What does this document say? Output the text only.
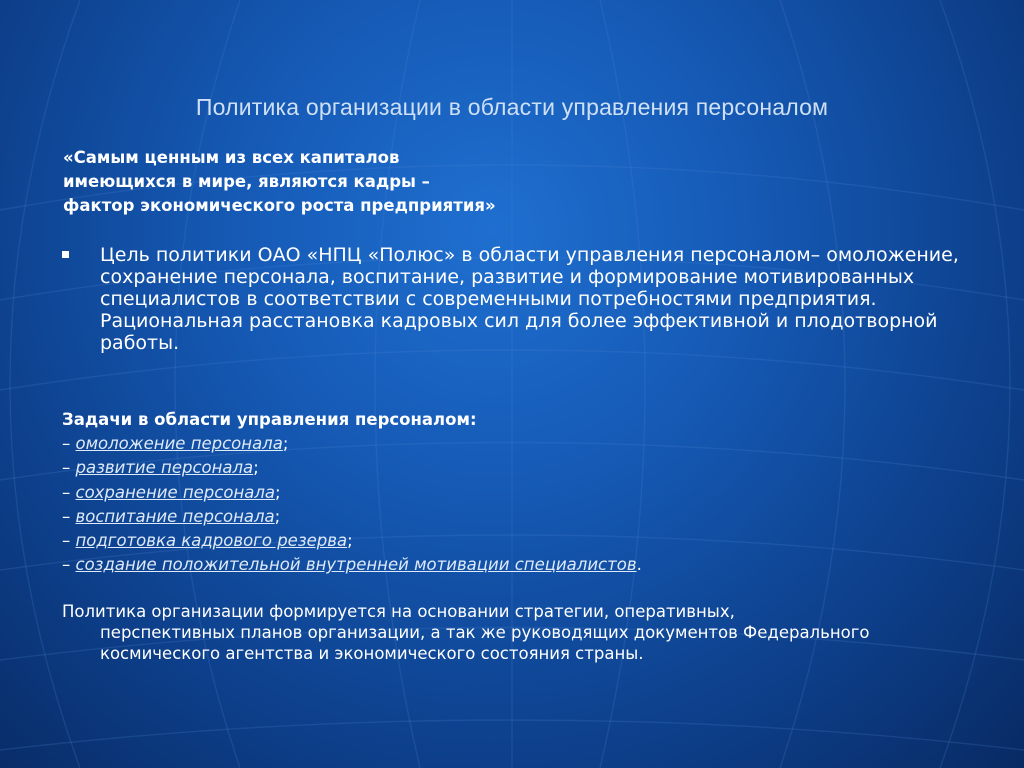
Политика организации в области управления персоналом
«Самым ценным из всех капиталов
имеющихся в мире, являются кадры –
фактор экономического роста предприятия»
Цель политики ОАО «НПЦ «Полюс» в области управления персоналом– омоложение, сохранение персонала, воспитание, развитие и формирование мотивированных специалистов в соответствии с современными потребностями предприятия. Рациональная расстановка кадровых сил для более эффективной и плодотворной работы.
Задачи в области управления персоналом:
– омоложение персонала;
– развитие персонала;
– сохранение персонала;
– воспитание персонала;
– подготовка кадрового резерва;
– создание положительной внутренней мотивации специалистов.
Политика организации формируется на основании стратегии, оперативных,
перспективных планов организации, а так же руководящих документов Федерального космического агентства и экономического состояния страны.
